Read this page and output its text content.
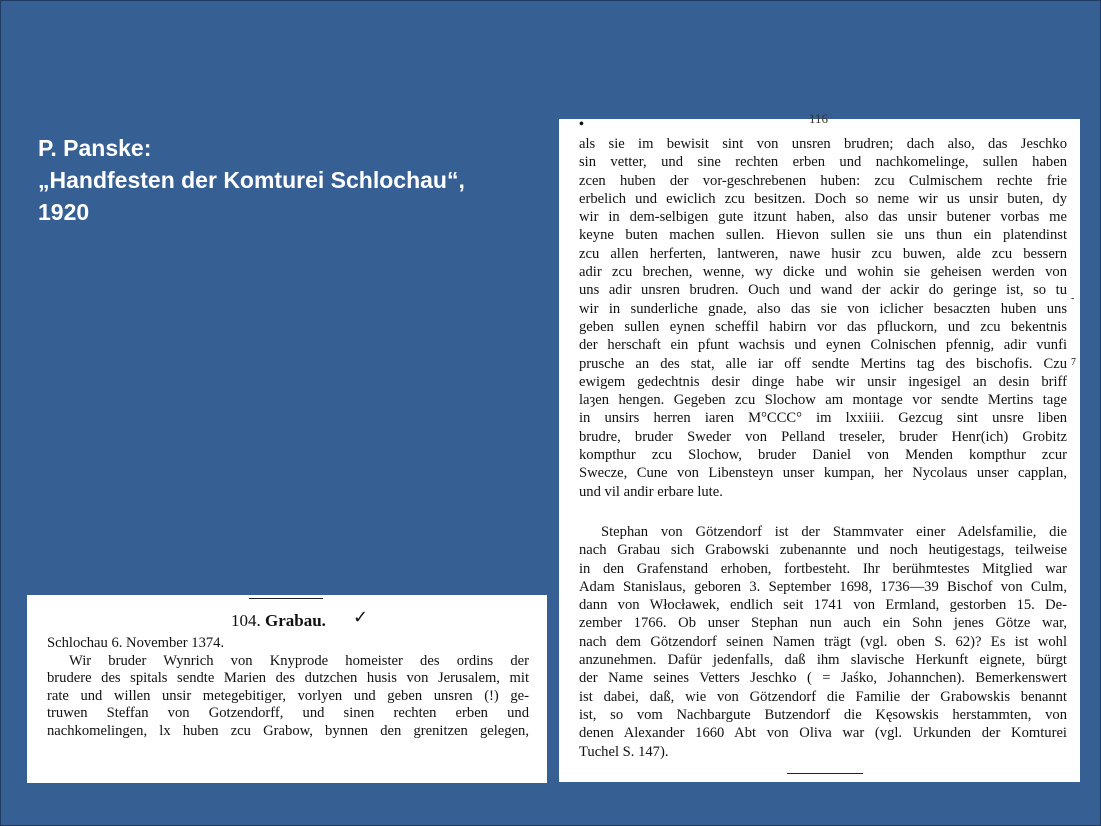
P. Panske:
„Handfesten der Komturei Schlochau“,
1920
116
•
7
-
als sie im bewisit sint von unsren brudren; dach also, das Jeschko
sin vetter, und sine rechten erben und nachkomelinge, sullen haben
zcen huben der vor-geschrebenen huben: zcu Culmischem rechte frie
erbelich und ewiclich zcu besitzen. Doch so neme wir us unsir buten, dy
wir in dem-selbigen gute itzunt haben, also das unsir butener vorbas me
keyne buten machen sullen. Hievon sullen sie uns thun ein platendinst
zcu allen herferten, lantweren, nawe husir zcu buwen, alde zcu bessern
adir zcu brechen, wenne, wy dicke und wohin sie geheisen werden von
uns adir unsren brudren. Ouch und wand der ackir do geringe ist, so tu
wir in sunderliche gnade, also das sie von iclicher besaczten huben uns
geben sullen eynen scheffil habirn vor das pfluckorn, und zcu bekentnis
der herschaft ein pfunt wachsis und eynen Colnischen pfennig, adir vunfi
prusche an des stat, alle iar off sendte Mertins tag des bischofis. Czu
ewigem gedechtnis desir dinge habe wir unsir ingesigel an desin briff
laȝen hengen. Gegeben zcu Slochow am montage vor sendte Mertins tage
in unsirs herren iaren M°CCC° im lxxiiii. Gezcug sint unsre liben
brudre, bruder Sweder von Pelland treseler, bruder Henr(ich) Grobitz
kompthur zcu Slochow, bruder Daniel von Menden kompthur zcur
Swecze, Cune von Libensteyn unser kumpan, her Nycolaus unser capplan,
und vil andir erbare lute.
Stephan von Götzendorf ist der Stammvater einer Adelsfamilie, die
nach Grabau sich Grabowski zubenannte und noch heutigestags, teilweise
in den Grafenstand erhoben, fortbesteht. Ihr berühmtestes Mitglied war
Adam Stanislaus, geboren 3. September 1698, 1736—39 Bischof von Culm,
dann von Włocławek, endlich seit 1741 von Ermland, gestorben 15. De-
zember 1766. Ob unser Stephan nun auch ein Sohn jenes Götze war,
nach dem Götzendorf seinen Namen trägt (vgl. oben S. 62)? Es ist wohl
anzunehmen. Dafür jedenfalls, daß ihm slavische Herkunft eignete, bürgt
der Name seines Vetters Jeschko ( = Jaśko, Johannchen). Bemerkenswert
ist dabei, daß, wie von Götzendorf die Familie der Grabowskis benannt
ist, so vom Nachbargute Butzendorf die Kęsowskis herstammten, von
denen Alexander 1660 Abt von Oliva war (vgl. Urkunden der Komturei
Tuchel S. 147).
104. Grabau. ✓
Schlochau 6. November 1374.
Wir bruder Wynrich von Knyprode homeister des ordins der
brudere des spitals sendte Marien des dutzchen husis von Jerusalem, mit
rate und willen unsir metegebitiger, vorlyen und geben unsren (!) ge-
truwen Steffan von Gotzendorff, und sinen rechten erben und
nachkomelingen, lx huben zcu Grabow, bynnen den grenitzen gelegen,
